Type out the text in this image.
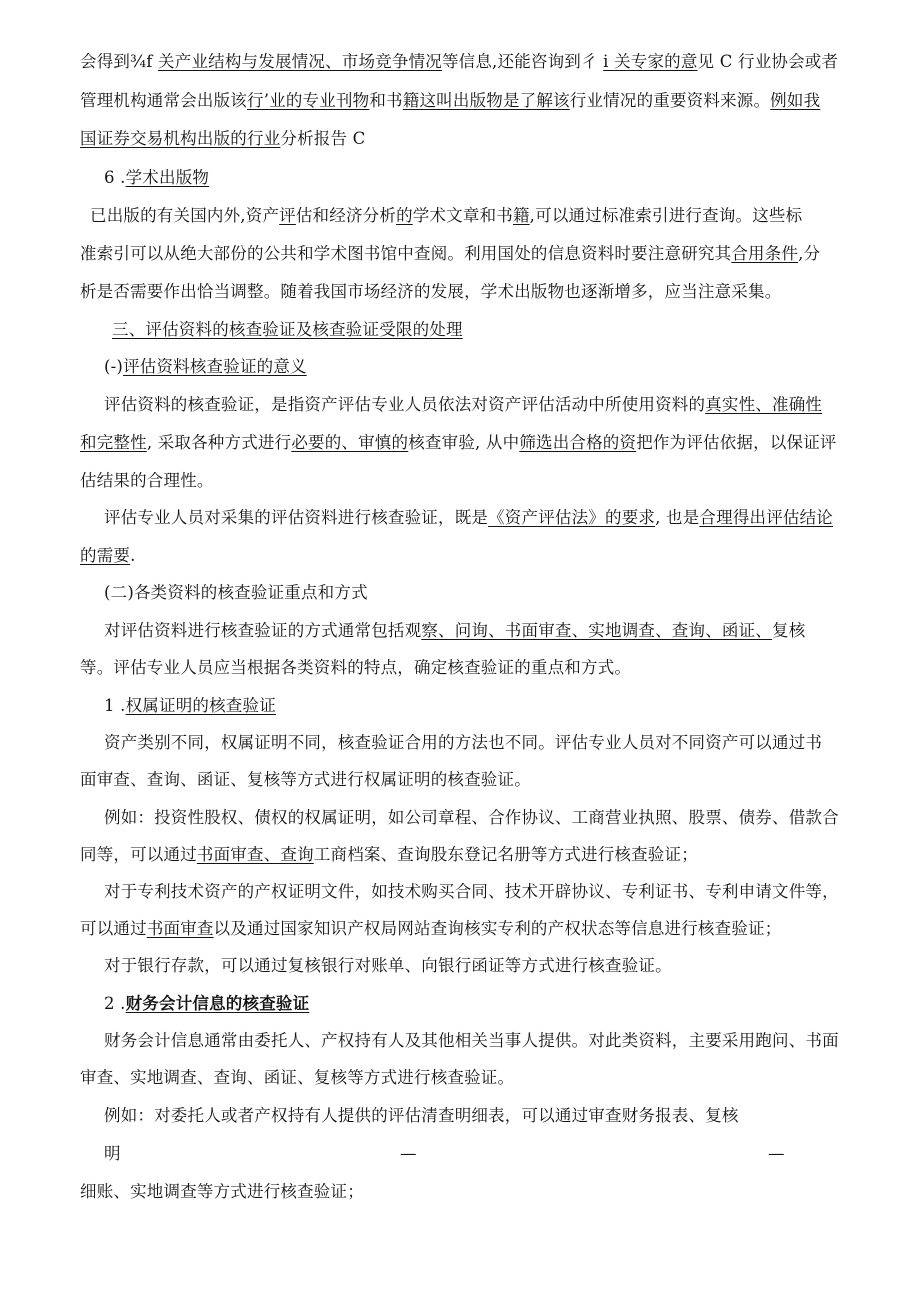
会得到¾f 关产业结构与发展情况、市场竞争情况等信息,还能咨询到彳 i 关专家的意见 C 行业协会或者
管理机构通常会出版该行’业的专业刊物和书籍这叫出版物是了解该行业情况的重要资料来源。例如我
国证券交易机构出版的行业分析报告 C
6 .学术出版物
已出版的有关国内外,资产评估和经济分析的学术文章和书籍,可以通过标准索引进行查询。这些标
准索引可以从绝大部份的公共和学术图书馆中查阅。利用国处的信息资料时要注意研究其合用条件,分
析是否需要作出恰当调整。随着我国市场经济的发展，学术出版物也逐渐增多，应当注意采集。
三、评估资料的核查验证及核查验证受限的处理
(-)评估资料核查验证的意义
评估资料的核查验证，是指资产评估专业人员依法对资产评估活动中所使用资料的真实性、准确性
和完整性, 采取各种方式进行必要的、审慎的核查审验, 从中筛选出合格的资把作为评估依据，以保证评
估结果的合理性。
评估专业人员对采集的评估资料进行核查验证，既是《资产评估法》的要求, 也是合理得出评估结论
的需要.
(二)各类资料的核查验证重点和方式
对评估资料进行核查验证的方式通常包括观察、问询、书面审查、实地调查、查询、函证、复核
等。评估专业人员应当根据各类资料的特点，确定核查验证的重点和方式。
1 .权属证明的核查验证
资产类别不同，权属证明不同，核查验证合用的方法也不同。评估专业人员对不同资产可以通过书
面审查、查询、函证、复核等方式进行权属证明的核查验证。
例如：投资性股权、债权的权属证明，如公司章程、合作协议、工商营业执照、股票、债券、借款合
同等，可以通过书面审查、查询工商档案、查询股东登记名册等方式进行核查验证；
对于专利技术资产的产权证明文件，如技术购买合同、技术开辟协议、专利证书、专利申请文件等，
可以通过书面审查以及通过国家知识产权局网站查询核实专利的产权状态等信息进行核查验证；
对于银行存款，可以通过复核银行对账单、向银行函证等方式进行核查验证。
2 .财务会计信息的核查验证
财务会计信息通常由委托人、产权持有人及其他相关当事人提供。对此类资料，主要采用跑问、书面
审查、实地调查、查询、函证、复核等方式进行核查验证。
例如：对委托人或者产权持有人提供的评估清查明细表，可以通过审查财务报表、复核
明	—	—
细账、实地调查等方式进行核查验证；
